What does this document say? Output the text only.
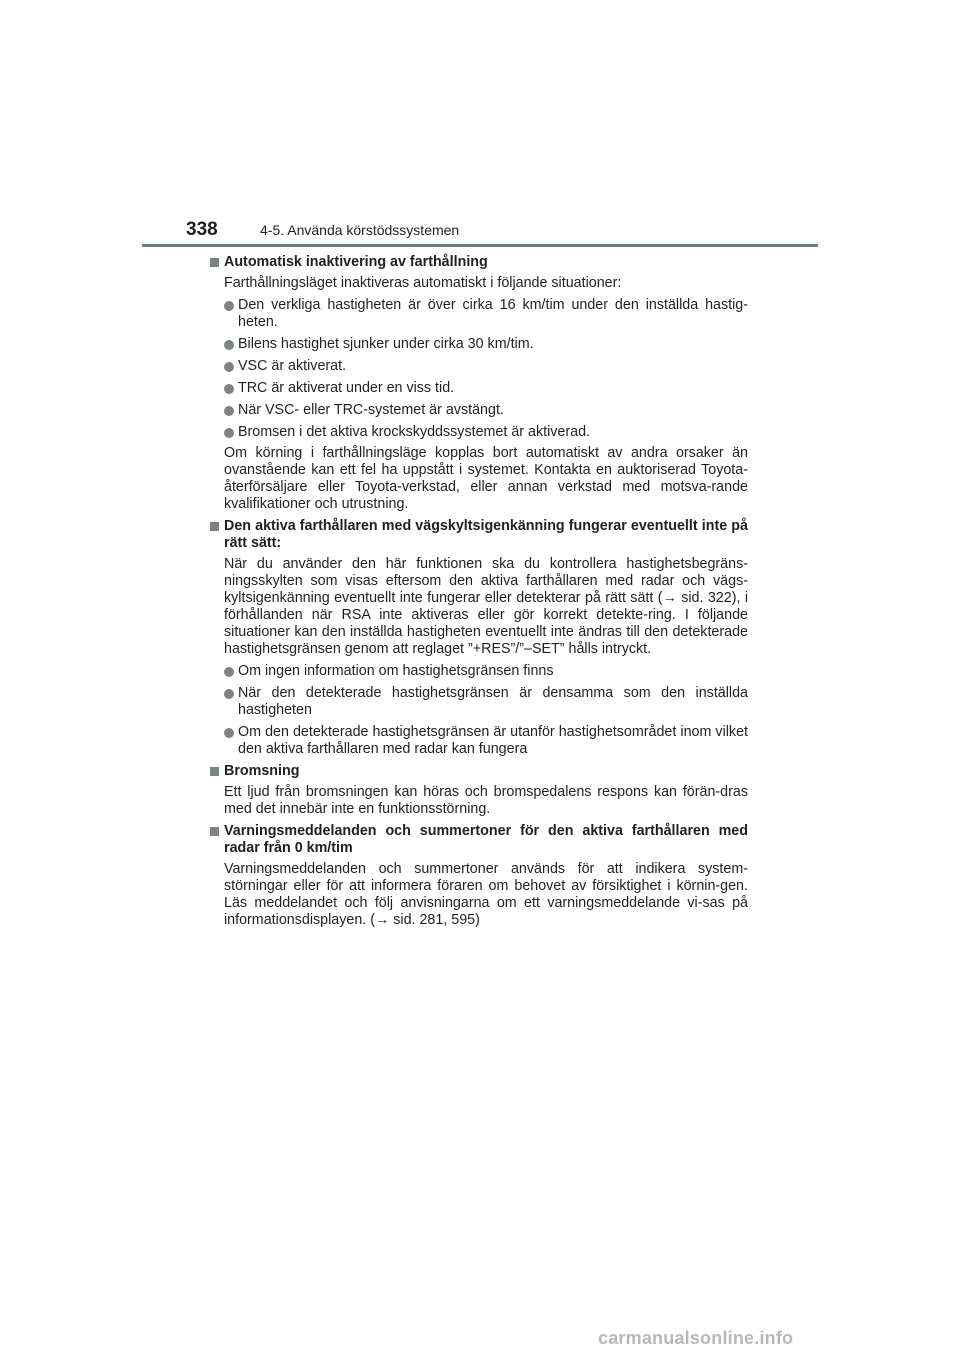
338	4-5. Använda körstödssystemen
Automatisk inaktivering av farthållning
Farthållningsläget inaktiveras automatiskt i följande situationer:
Den verkliga hastigheten är över cirka 16 km/tim under den inställda hastig-heten.
Bilens hastighet sjunker under cirka 30 km/tim.
VSC är aktiverat.
TRC är aktiverat under en viss tid.
När VSC- eller TRC-systemet är avstängt.
Bromsen i det aktiva krockskyddssystemet är aktiverad.
Om körning i farthållningsläge kopplas bort automatiskt av andra orsaker än ovanstående kan ett fel ha uppstått i systemet. Kontakta en auktoriserad Toyota-återförsäljare eller Toyota-verkstad, eller annan verkstad med motsva-rande kvalifikationer och utrustning.
Den aktiva farthållaren med vägskyltsigenkänning fungerar eventuellt inte på rätt sätt:
När du använder den här funktionen ska du kontrollera hastighetsbegräns-ningsskylten som visas eftersom den aktiva farthållaren med radar och vägs-kyltsigenkänning eventuellt inte fungerar eller detekterar på rätt sätt (→ sid. 322), i förhållanden när RSA inte aktiveras eller gör korrekt detekte-ring. I följande situationer kan den inställda hastigheten eventuellt inte ändras till den detekterade hastighetsgränsen genom att reglaget ”+RES”/”–SET” hålls intryckt.
Om ingen information om hastighetsgränsen finns
När den detekterade hastighetsgränsen är densamma som den inställda hastigheten
Om den detekterade hastighetsgränsen är utanför hastighetsområdet inom vilket den aktiva farthållaren med radar kan fungera
Bromsning
Ett ljud från bromsningen kan höras och bromspedalens respons kan förän-dras med det innebär inte en funktionsstörning.
Varningsmeddelanden och summertoner för den aktiva farthållaren med radar från 0 km/tim
Varningsmeddelanden och summertoner används för att indikera system-störningar eller för att informera föraren om behovet av försiktighet i körnin-gen. Läs meddelandet och följ anvisningarna om ett varningsmeddelande vi-sas på informationsdisplayen. (→ sid. 281, 595)
carmanualsonline.info
